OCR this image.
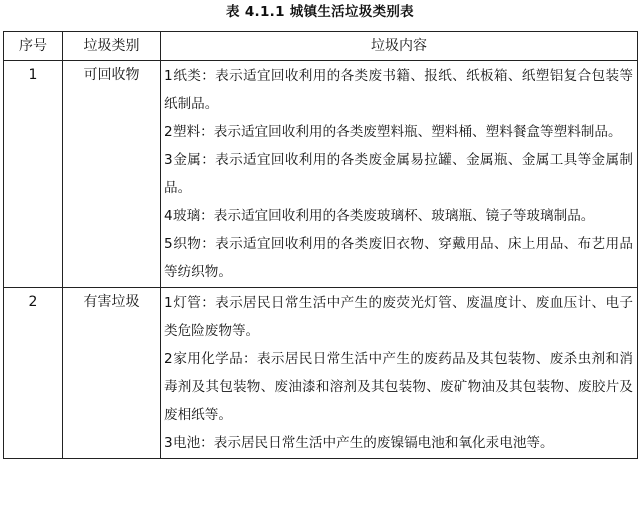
表 4.1.1 城镇生活垃圾类别表
序号	垃圾类别	垃圾内容
1	可回收物	1纸类：表示适宜回收利用的各类废书籍、报纸、纸板箱、纸塑铝复合包装等纸制品。
2塑料：表示适宜回收利用的各类废塑料瓶、塑料桶、塑料餐盒等塑料制品。
3金属：表示适宜回收利用的各类废金属易拉罐、金属瓶、金属工具等金属制品。
4玻璃：表示适宜回收利用的各类废玻璃杯、玻璃瓶、镜子等玻璃制品。
5织物：表示适宜回收利用的各类废旧衣物、穿戴用品、床上用品、布艺用品等纺织物。

2	有害垃圾	1灯管：表示居民日常生活中产生的废荧光灯管、废温度计、废血压计、电子类危险废物等。
2家用化学品：表示居民日常生活中产生的废药品及其包装物、废杀虫剂和消毒剂及其包装物、废油漆和溶剂及其包装物、废矿物油及其包装物、废胶片及废相纸等。
3电池：表示居民日常生活中产生的废镍镉电池和氧化汞电池等。
